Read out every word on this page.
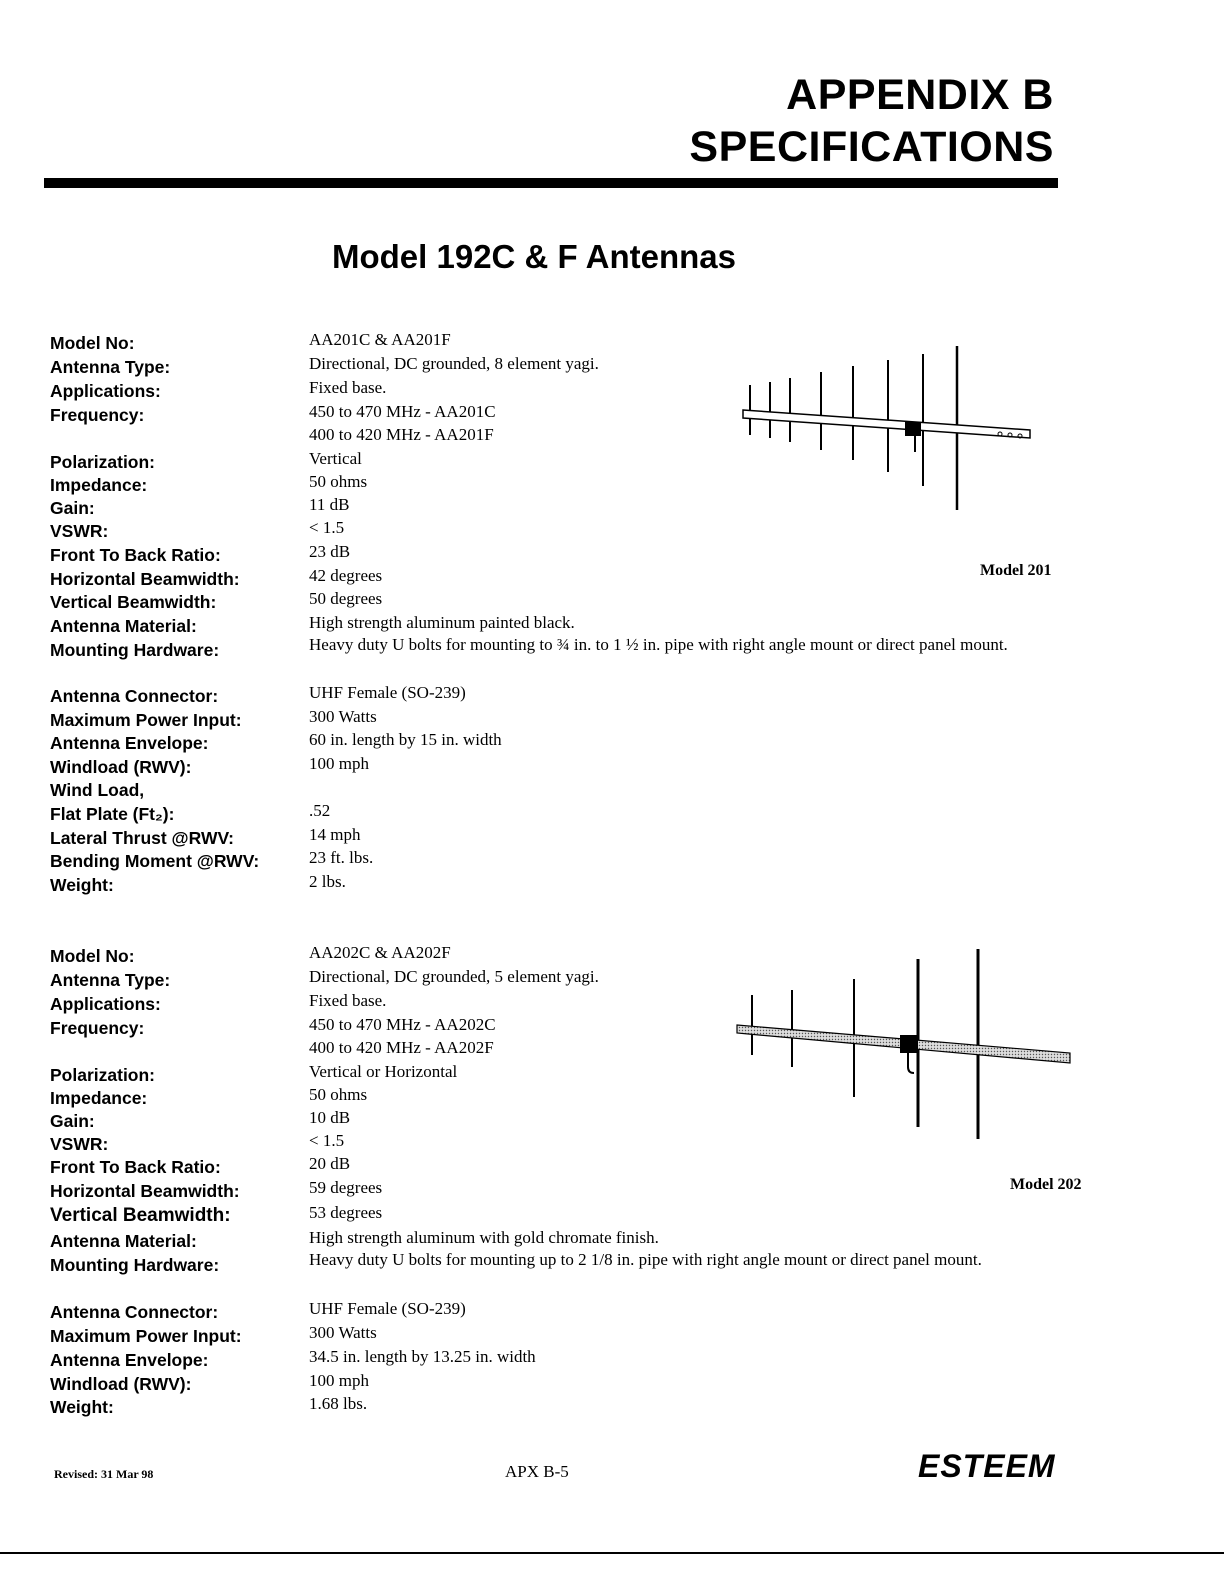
APPENDIX B
SPECIFICATIONS
Model 192C & F Antennas
Model No:	AA201C & AA201F
Antenna Type:	Directional, DC grounded, 8 element yagi.
Applications:	Fixed base.
Frequency:	450 to 470 MHz - AA201C
400 to 420 MHz - AA201F
Polarization:	Vertical
Impedance:	50 ohms
Gain:	11 dB
VSWR:	< 1.5
Front To Back Ratio:	23 dB
Horizontal Beamwidth:	42 degrees
Vertical Beamwidth:	50 degrees
Antenna Material:	High strength aluminum painted black.
Mounting Hardware:	Heavy duty U bolts for mounting to ¾ in. to 1 ½ in. pipe with right angle mount or direct panel mount.
Antenna Connector:	UHF Female (SO-239)
Maximum Power Input:	300 Watts
Antenna Envelope:	60 in. length by 15 in. width
Windload (RWV):	100 mph
Wind Load,
Flat Plate (Ft₂):	.52
Lateral Thrust @RWV:	14 mph
Bending Moment @RWV:	23 ft. lbs.
Weight:	2 lbs.
Model 201
Model No:	AA202C & AA202F
Antenna Type:	Directional, DC grounded, 5 element yagi.
Applications:	Fixed base.
Frequency:	450 to 470 MHz - AA202C
400 to 420 MHz - AA202F
Polarization:	Vertical or Horizontal
Impedance:	50 ohms
Gain:	10 dB
VSWR:	< 1.5
Front To Back Ratio:	20 dB
Horizontal Beamwidth:	59 degrees
Vertical Beamwidth:	53 degrees
Antenna Material:	High strength aluminum with gold chromate finish.
Mounting Hardware:	Heavy duty U bolts for mounting up to 2 1/8 in. pipe with right angle mount or direct panel mount.
Antenna Connector:	UHF Female (SO-239)
Maximum Power Input:	300 Watts
Antenna Envelope:	34.5 in. length by 13.25 in. width
Windload (RWV):	100 mph
Weight:	1.68 lbs.
Model 202
Revised: 31 Mar 98	APX B-5	ESTEEM
